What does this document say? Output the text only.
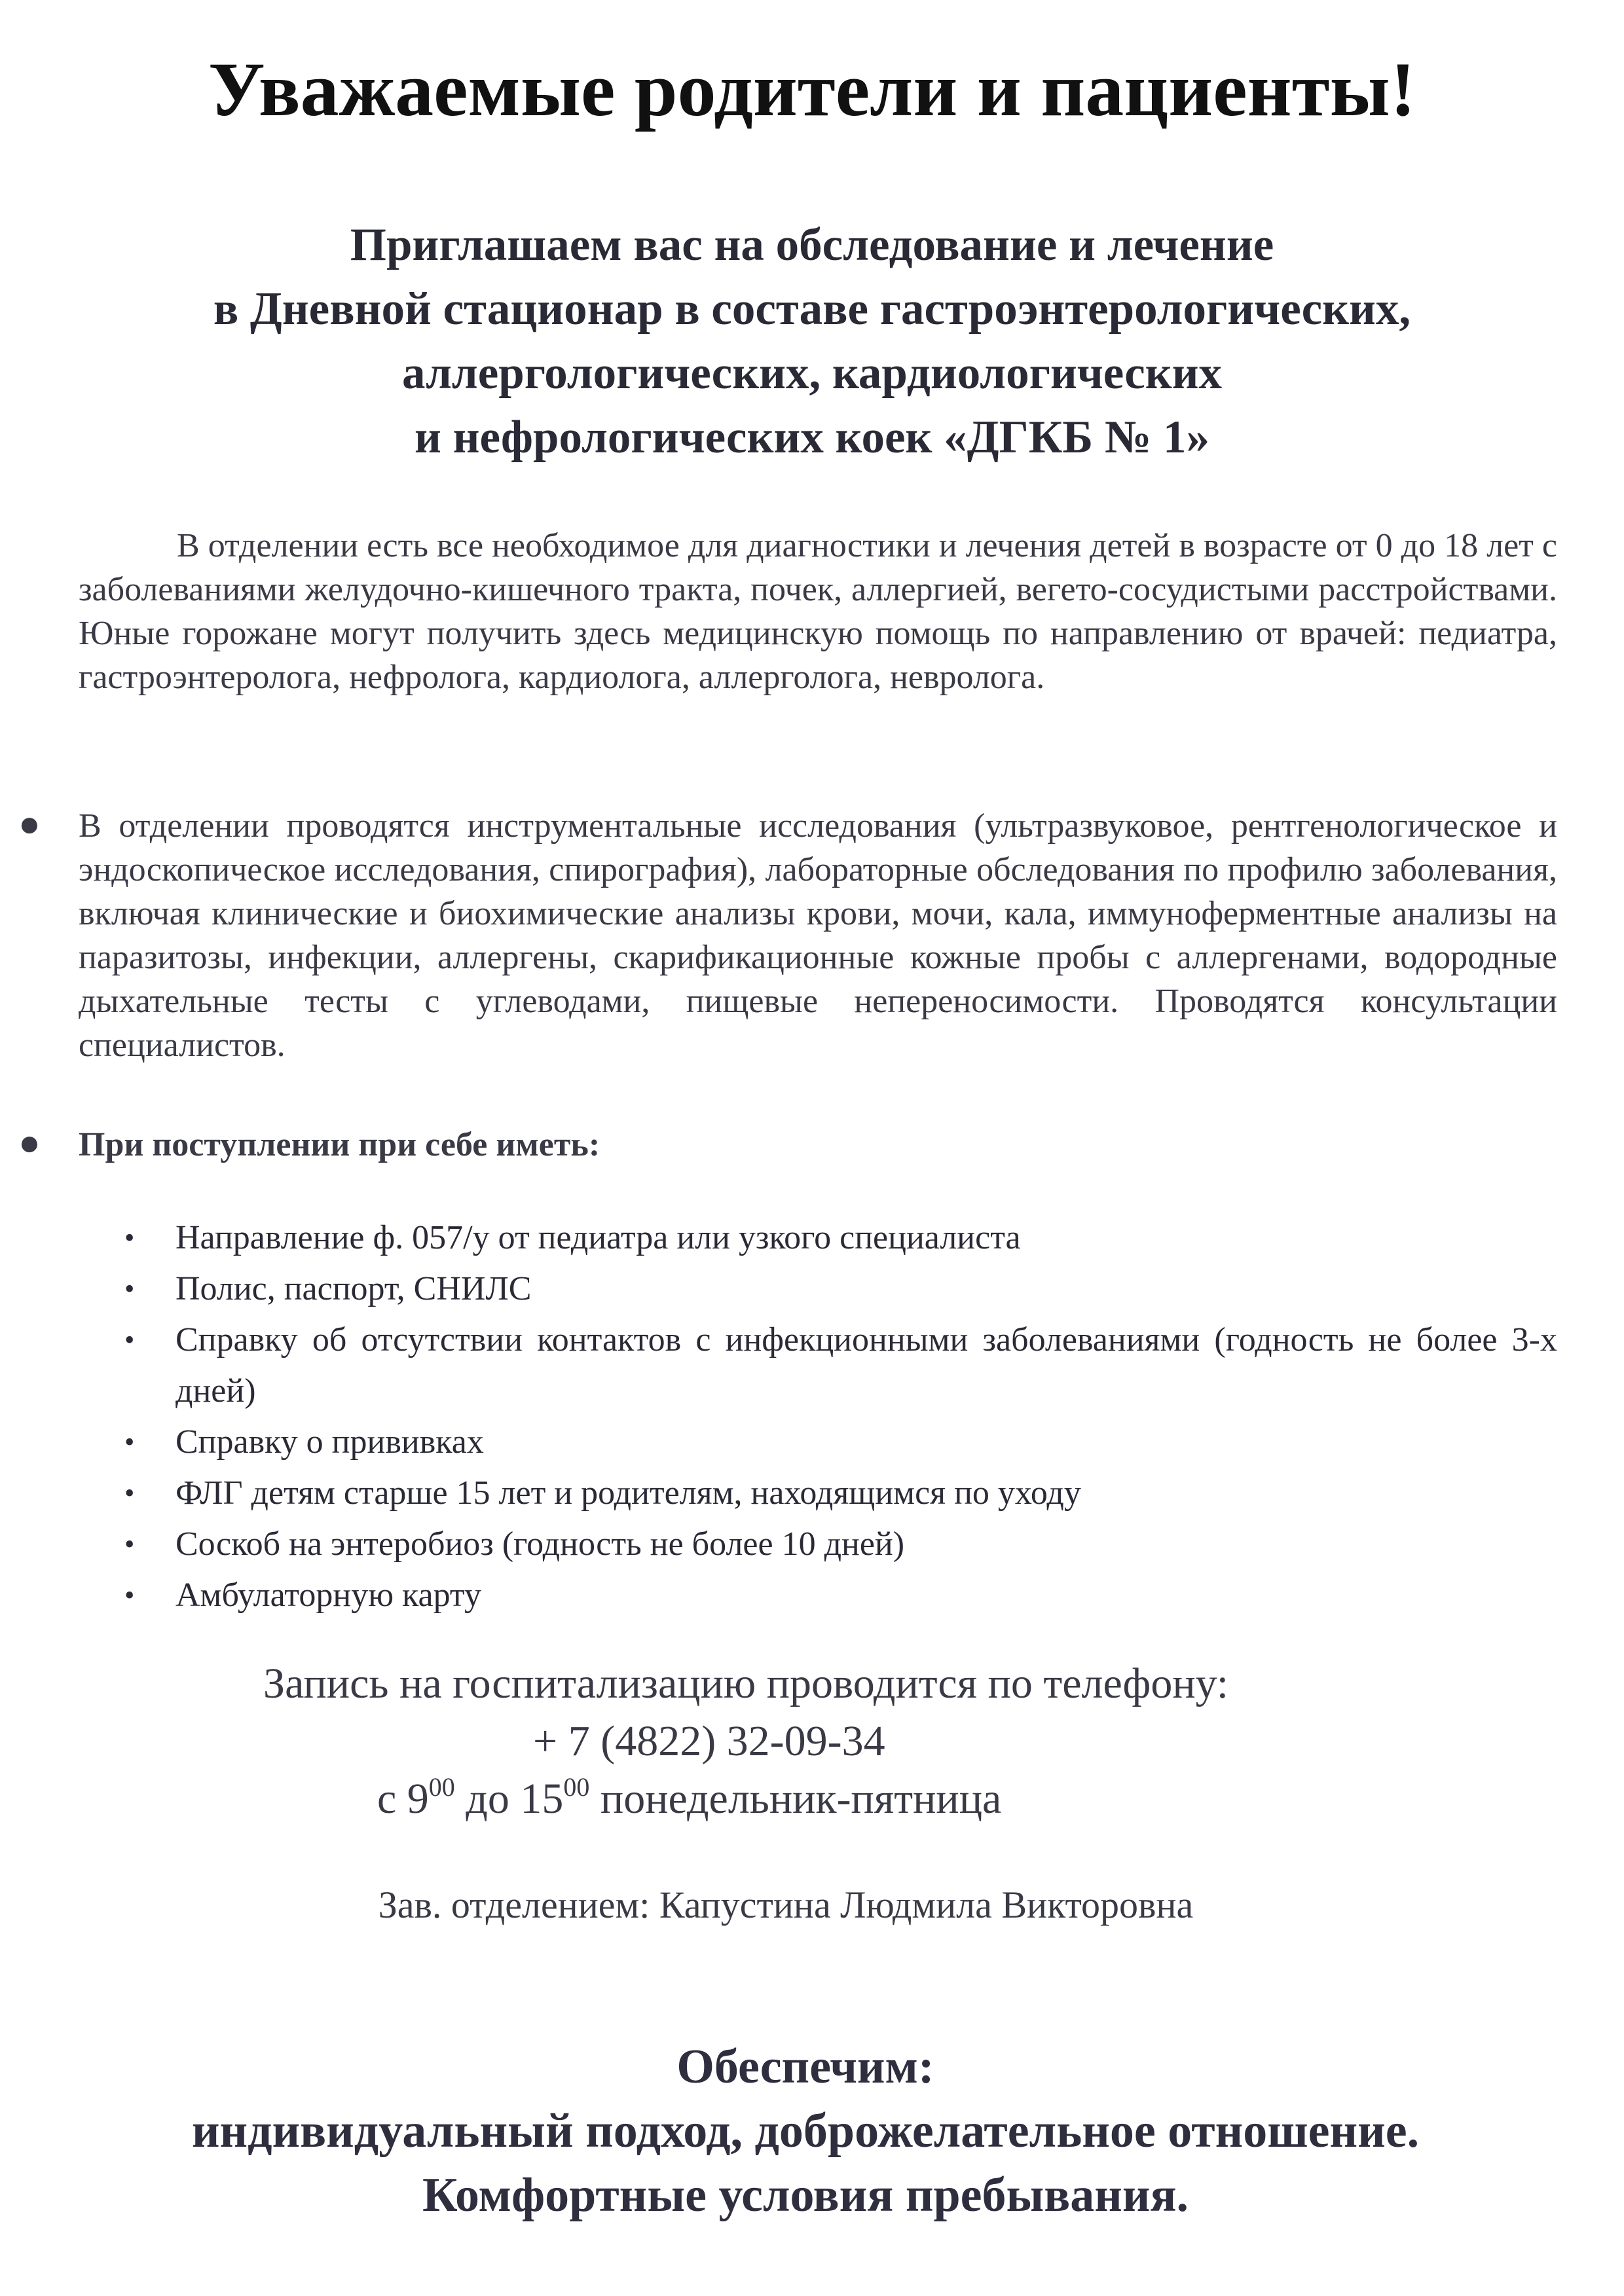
Уважаемые родители и пациенты!
Приглашаем вас на обследование и лечение
в Дневной стационар в составе гастроэнтерологических,
аллергологических, кардиологических
и нефрологических коек «ДГКБ № 1»

В отделении есть все необходимое для диагностики и лечения детей в возрасте от 0 до 18 лет с заболеваниями желудочно-кишечного тракта, почек, аллергией, вегето-сосудистыми расстройствами. Юные горожане могут получить здесь медицинскую помощь по направлению от врачей: педиатра, гастроэнтеролога, нефролога, кардиолога, аллерголога, невролога.

● В отделении проводятся инструментальные исследования (ультразвуковое, рентгенологическое и эндоскопическое исследования, спирография), лабораторные обследования по профилю заболевания, включая клинические и биохимические анализы крови, мочи, кала, иммуноферментные анализы на паразитозы, инфекции, аллергены, скарификационные кожные пробы с аллергенами, водородные дыхательные тесты с углеводами, пищевые непереносимости. Проводятся консультации специалистов.

● При поступлении при себе иметь:

• Направление ф. 057/у от педиатра или узкого специалиста
• Полис, паспорт, СНИЛС
• Справку об отсутствии контактов с инфекционными заболеваниями (годность не более 3-х дней)
• Справку о прививках
• ФЛГ детям старше 15 лет и родителям, находящимся по уходу
• Соскоб на энтеробиоз (годность не более 10 дней)
• Амбулаторную карту
Запись на госпитализацию проводится по телефону:
+ 7 (4822) 32-09-34
с $9^{00}$ до $15^{00}$ понедельник-пятница
Зав. отделением: Капустина Людмила Викторовна
Обеспечим:
индивидуальный подход, доброжелательное отношение.
Комфортные условия пребывания.
